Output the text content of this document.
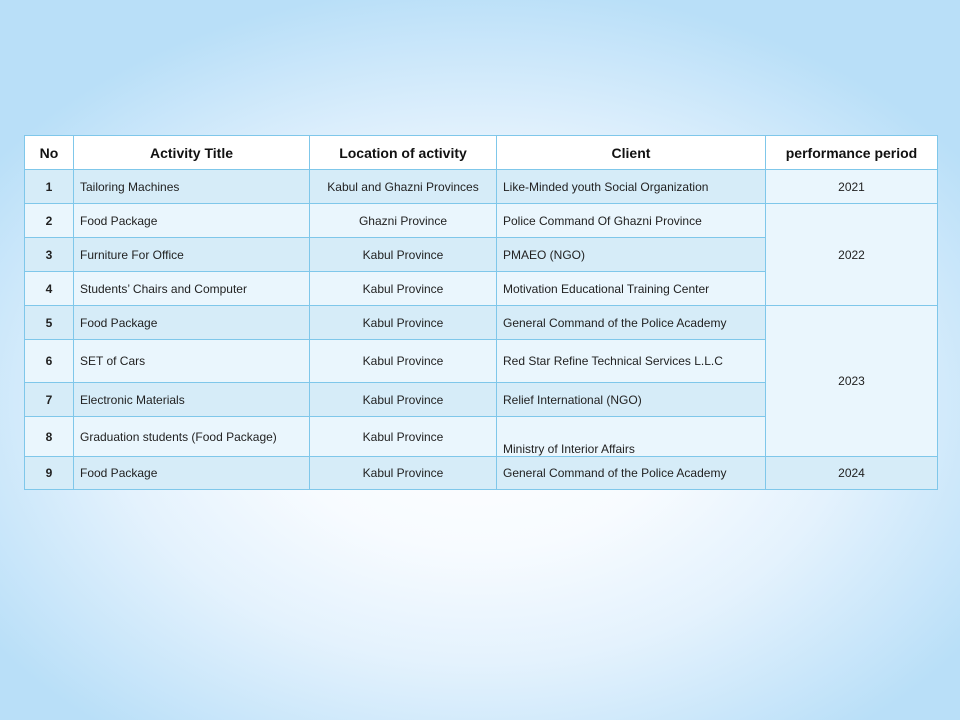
No	Activity Title	Location of activity	Client	performance period
1	Tailoring Machines	Kabul and Ghazni Provinces	Like-Minded youth Social Organization	2021
2	Food Package	Ghazni Province	Police Command Of Ghazni Province	2022
3	Furniture For Office	Kabul Province	PMAEO (NGO)	
4	Students’ Chairs and Computer	Kabul Province	Motivation Educational Training Center	
5	Food Package	Kabul Province	General Command of the Police Academy	2023
6	SET of Cars	Kabul Province	Red Star Refine Technical Services L.L.C	
7	Electronic Materials	Kabul Province	Relief International (NGO)	
8	Graduation students (Food Package)	Kabul Province	Ministry of Interior Affairs	
9	Food Package	Kabul Province	General Command of the Police Academy	2024
